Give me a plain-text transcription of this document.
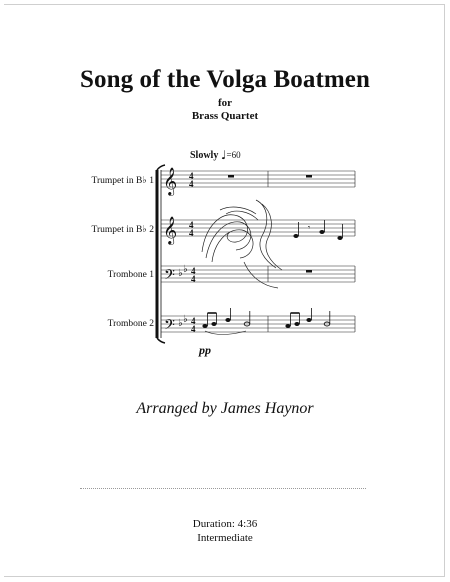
Song of the Volga Boatmen
for
Brass Quartet
Slowly ♩=60
Trumpet in B♭ 1
Trumpet in B♭ 2
Trombone 1
Trombone 2
𝄞
𝄞
𝄢
𝄢
♭ ♭
♭ ♭
4
4
4
4
4
4
4
4
𝄾
pp
Arranged by James Haynor
Duration: 4:36
Intermediate
